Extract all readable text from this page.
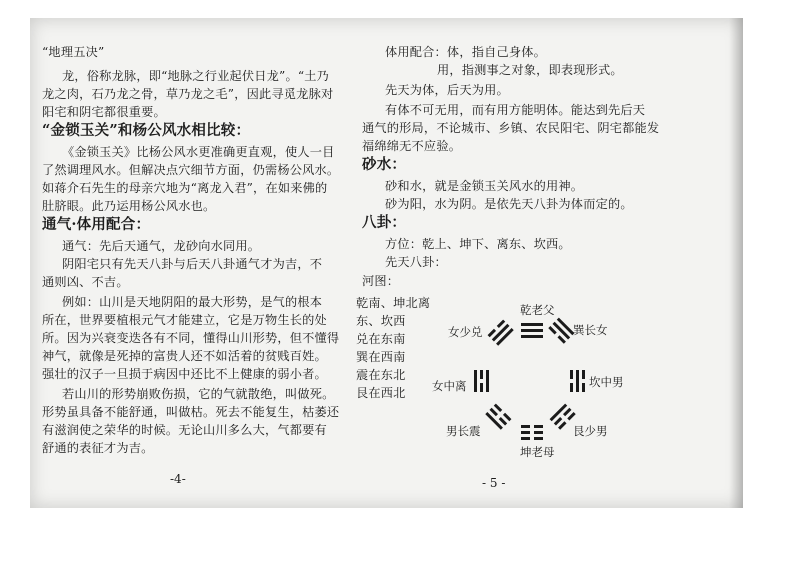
“地理五决”
龙，俗称龙脉，即“地脉之行业起伏日龙”。“土乃
龙之肉，石乃龙之骨，草乃龙之毛”，因此寻觅龙脉对
阳宅和阴宅都很重要。
“金锁玉关”和杨公风水相比较：
《金锁玉关》比杨公风水更准确更直观，使人一目
了然调理风水。但解决点穴细节方面，仍需杨公风水。
如蒋介石先生的母亲穴地为“离龙入君”，在如来佛的
肚脐眼。此乃运用杨公风水也。
通气·体用配合：
通气：先后天通气，龙砂向水同用。
阴阳宅只有先天八卦与后天八卦通气才为吉，不
通则凶、不吉。
例如：山川是天地阴阳的最大形势，是气的根本
所在，世界要植根元气才能建立，它是万物生长的处
所。因为兴衰变迭各有不同，懂得山川形势，但不懂得
神气，就像是死掉的富贵人还不如活着的贫贱百姓。
强壮的汉子一旦损于病因中还比不上健康的弱小者。
若山川的形势崩败伤损，它的气就散绝，叫做死。
形势虽具备不能舒通，叫做枯。死去不能复生，枯萎还
有滋润使之荣华的时候。无论山川多么大，气都要有
舒通的表征才为吉。
-4-
体用配合：体，指自己身体。
用，指测事之对象，即表现形式。
先天为体，后天为用。
有体不可无用，而有用方能明体。能达到先后天
通气的形局，不论城市、乡镇、农民阳宅、阴宅都能发
福绵绵无不应验。
砂水：
砂和水，就是金锁玉关风水的用神。
砂为阳，水为阴。是依先天八卦为体而定的。
八卦：
方位：乾上、坤下、离东、坎西。
先天八卦：
河图：
乾南、坤北离
东、坎西
兑在东南
巽在西南
震在东北
艮在西北
乾老父
巽长女
坎中男
艮少男
坤老母
男长震
女中离
女少兑
- 5 -
